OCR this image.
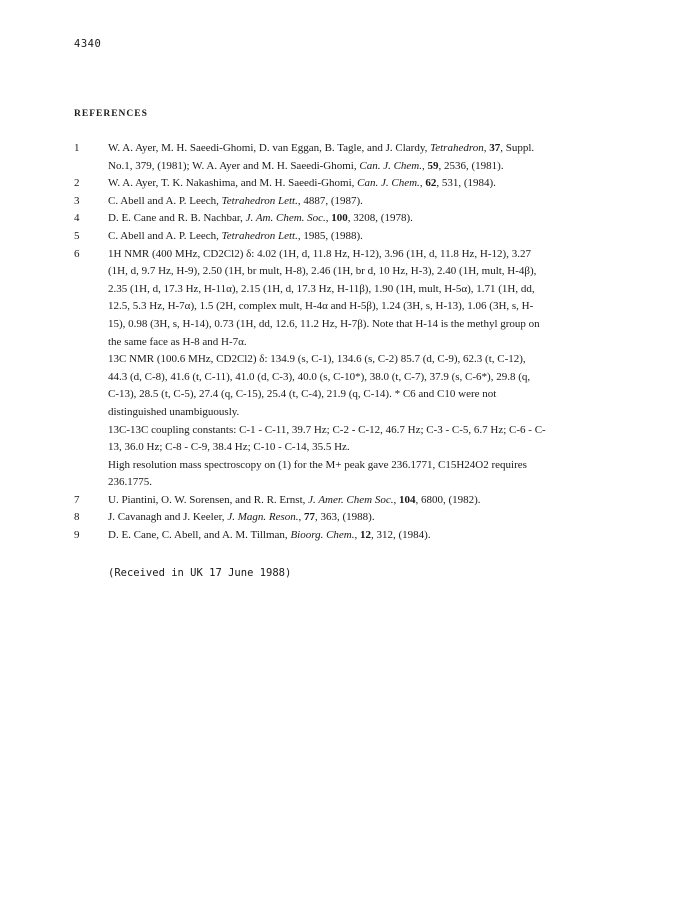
4340
REFERENCES
1	W. A. Ayer, M. H. Saeedi-Ghomi, D. van Eggan, B. Tagle, and J. Clardy, Tetrahedron, 37, Suppl.
No.1, 379, (1981); W. A. Ayer and M. H. Saeedi-Ghomi, Can. J. Chem., 59, 2536, (1981).
2	W. A. Ayer, T. K. Nakashima, and M. H. Saeedi-Ghomi, Can. J. Chem., 62, 531, (1984).
3	C. Abell and A. P. Leech, Tetrahedron Lett., 4887, (1987).
4	D. E. Cane and R. B. Nachbar, J. Am. Chem. Soc., 100, 3208, (1978).
5	C. Abell and A. P. Leech, Tetrahedron Lett., 1985, (1988).
6	1H NMR (400 MHz, CD2Cl2) δ: 4.02 (1H, d, 11.8 Hz, H-12), 3.96 (1H, d, 11.8 Hz, H-12), 3.27
(1H, d, 9.7 Hz, H-9), 2.50 (1H, br mult, H-8), 2.46 (1H, br d, 10 Hz, H-3), 2.40 (1H, mult, H-4β),
2.35 (1H, d, 17.3 Hz, H-11α), 2.15 (1H, d, 17.3 Hz, H-11β), 1.90 (1H, mult, H-5α), 1.71 (1H, dd,
12.5, 5.3 Hz, H-7α), 1.5 (2H, complex mult, H-4α and H-5β), 1.24 (3H, s, H-13), 1.06 (3H, s, H-
15), 0.98 (3H, s, H-14), 0.73 (1H, dd, 12.6, 11.2 Hz, H-7β). Note that H-14 is the methyl group on
the same face as H-8 and H-7α.
13C NMR (100.6 MHz, CD2Cl2) δ: 134.9 (s, C-1), 134.6 (s, C-2) 85.7 (d, C-9), 62.3 (t, C-12),
44.3 (d, C-8), 41.6 (t, C-11), 41.0 (d, C-3), 40.0 (s, C-10*), 38.0 (t, C-7), 37.9 (s, C-6*), 29.8 (q,
C-13), 28.5 (t, C-5), 27.4 (q, C-15), 25.4 (t, C-4), 21.9 (q, C-14). * C6 and C10 were not
distinguished unambiguously.
13C-13C coupling constants: C-1 - C-11, 39.7 Hz; C-2 - C-12, 46.7 Hz; C-3 - C-5, 6.7 Hz; C-6 - C-
13, 36.0 Hz; C-8 - C-9, 38.4 Hz; C-10 - C-14, 35.5 Hz.
High resolution mass spectroscopy on (1) for the M+ peak gave 236.1771, C15H24O2 requires
236.1775.
7	U. Piantini, O. W. Sorensen, and R. R. Ernst, J. Amer. Chem Soc., 104, 6800, (1982).
8	J. Cavanagh and J. Keeler, J. Magn. Reson., 77, 363, (1988).
9	D. E. Cane, C. Abell, and A. M. Tillman, Bioorg. Chem., 12, 312, (1984).
(Received in UK 17 June 1988)
